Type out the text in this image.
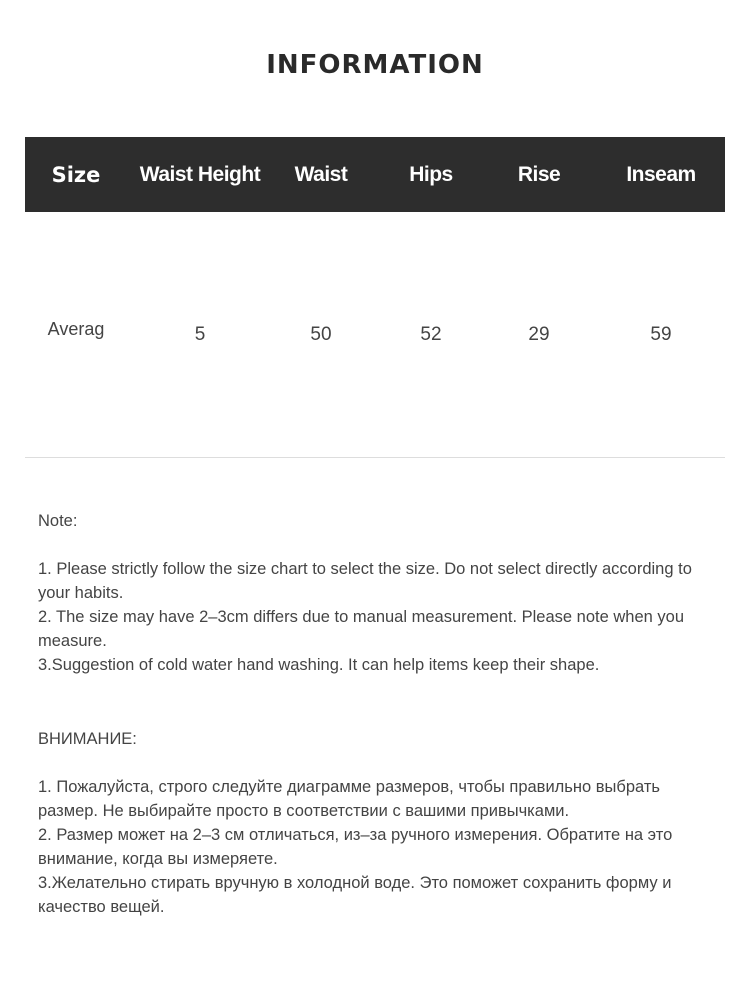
INFORMATION
Size	Waist Height	Waist	Hips	Rise	Inseam
Averag	5	50	52	29	59

Note:

1. Please strictly follow the size chart to select the size. Do not select directly according to your habits.

2. The size may have 2–3cm differs due to manual measurement. Please note when you measure.

3.Suggestion of cold water hand washing. It can help items keep their shape.

ВНИМАНИЕ:

1. Пожалуйста, строго следуйте диаграмме размеров, чтобы правильно выбрать размер. Не выбирайте просто в соответствии с вашими привычками.

2. Размер может на 2–3 см отличаться, из–за ручного измерения. Обратите на это внимание, когда вы измеряете.

3.Желательно стирать вручную в холодной воде. Это поможет сохранить форму и качество вещей.
